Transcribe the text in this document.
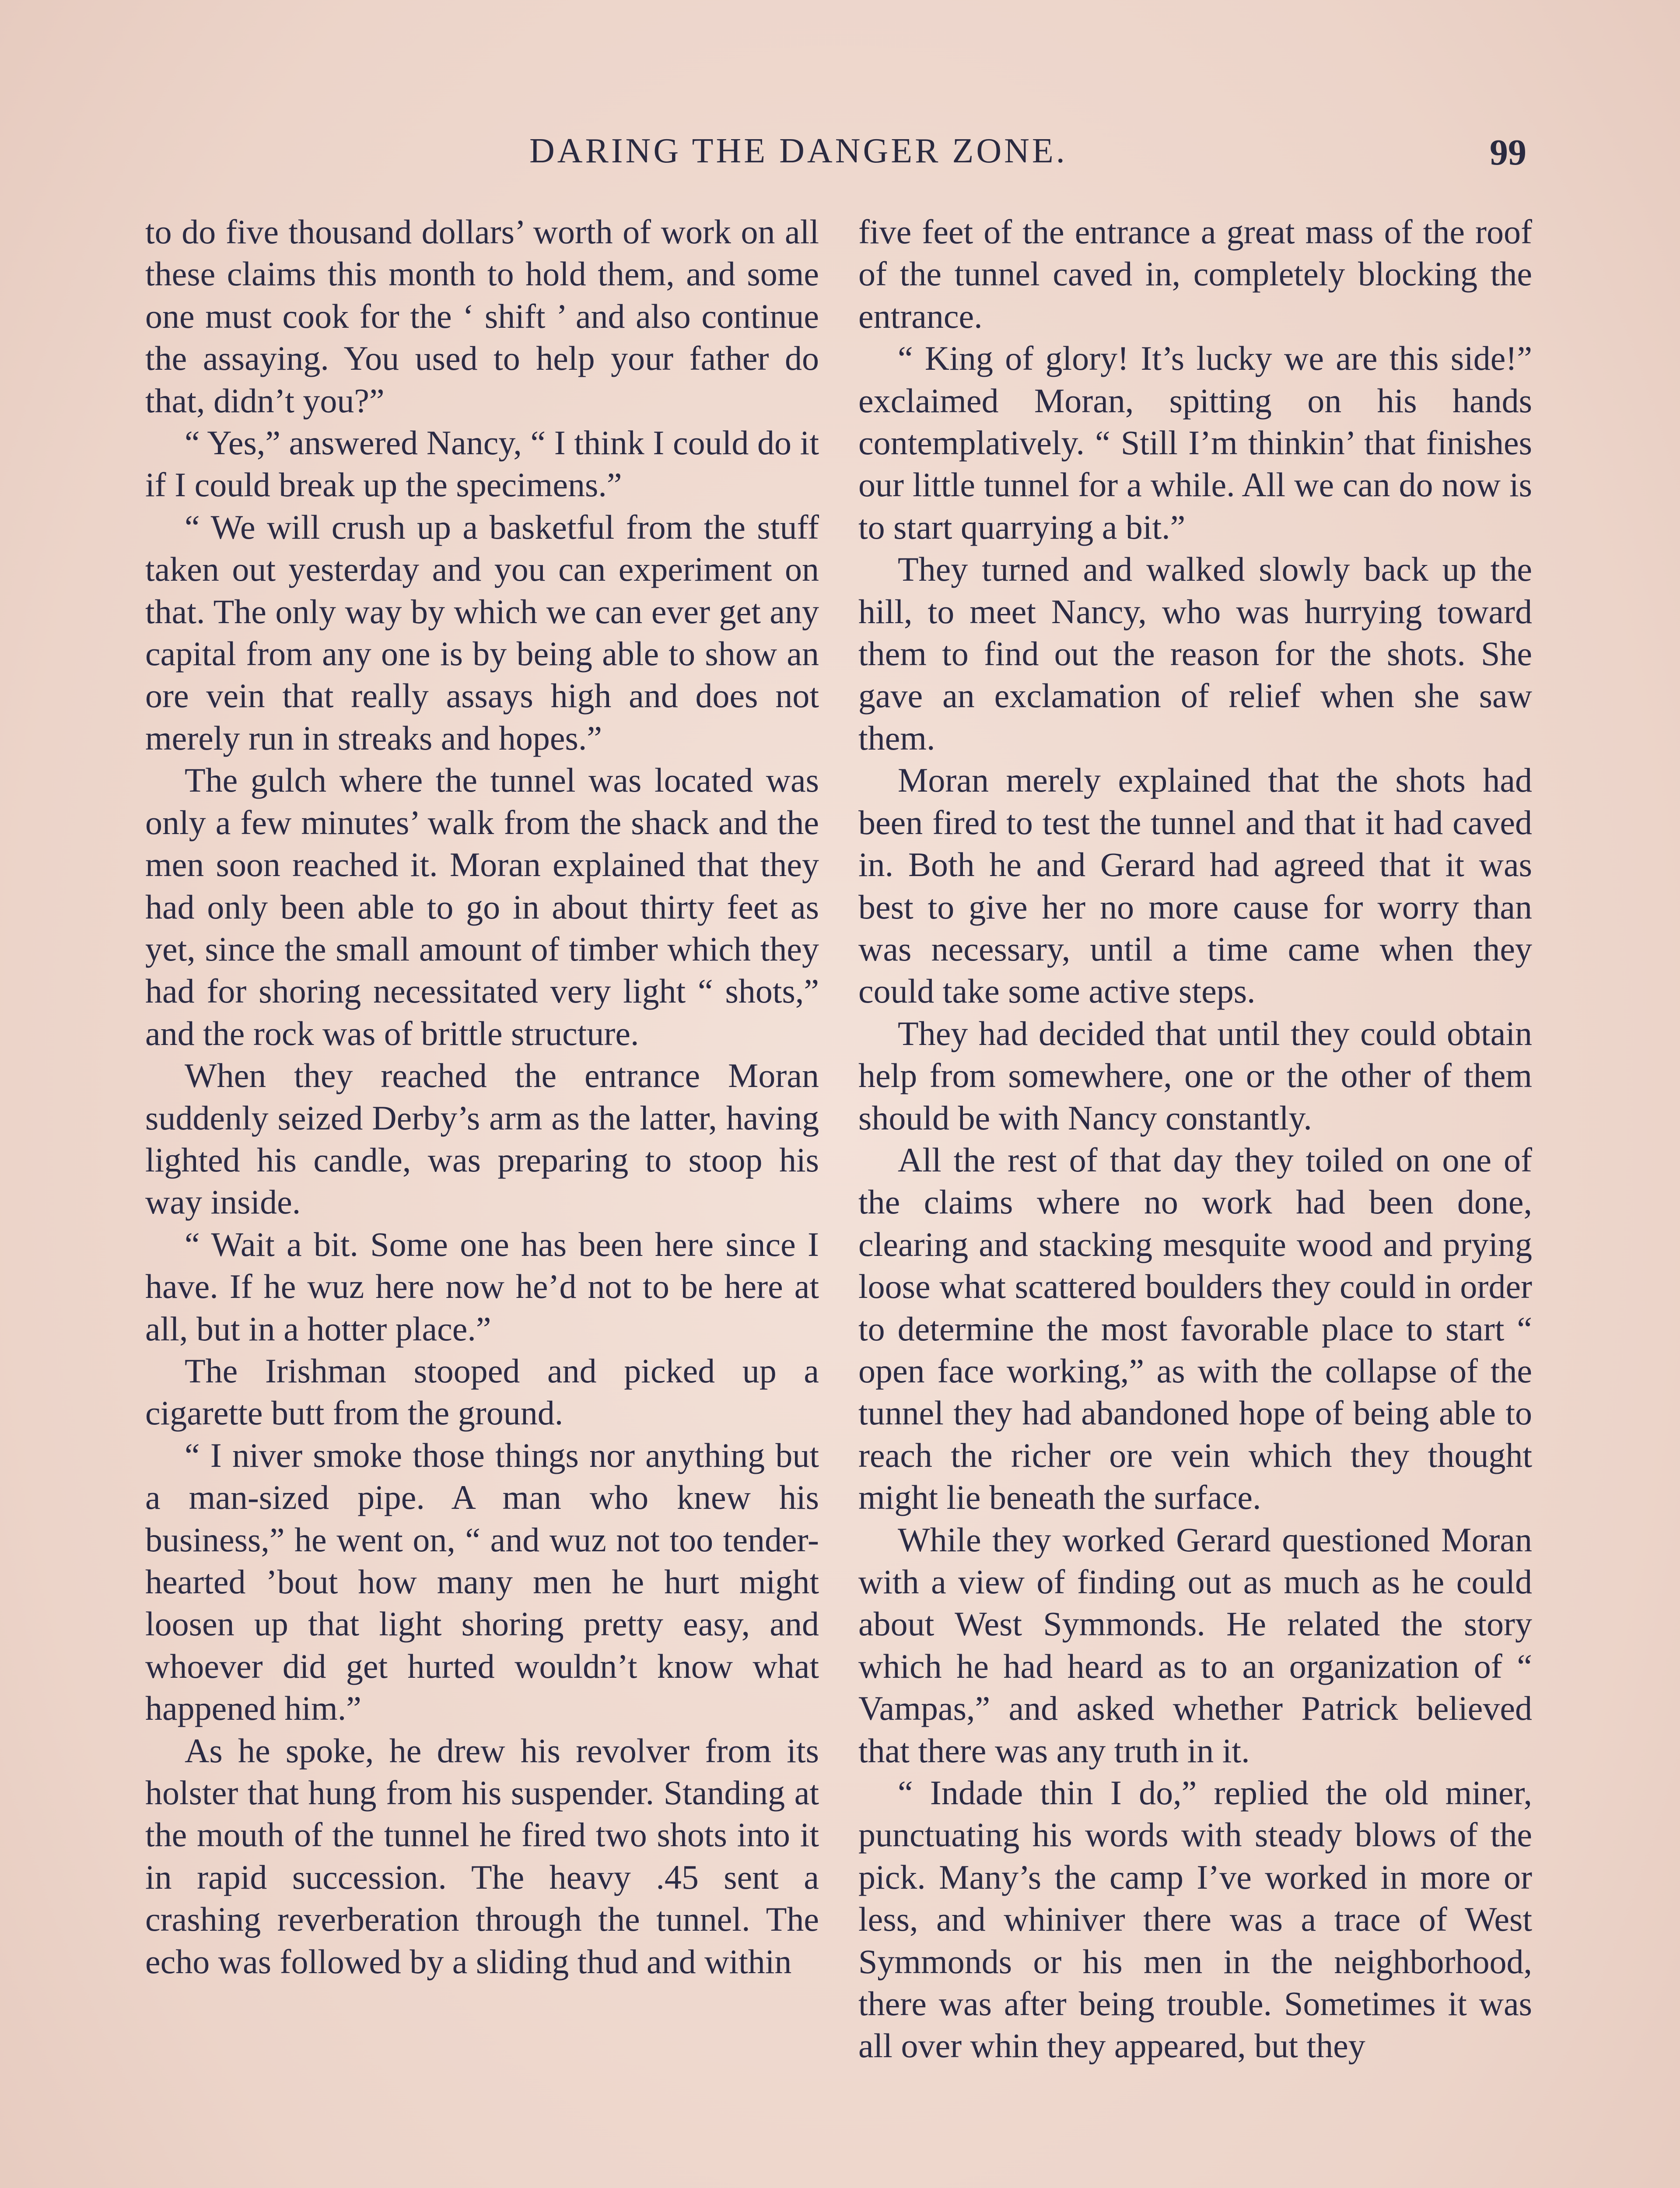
DARING THE DANGER ZONE.	99

to do five thousand dollars’ worth of work on all these claims this month to hold them, and some one must cook for the ‘ shift ’ and also continue the assaying. You used to help your father do that, didn’t you?”

“ Yes,” answered Nancy, “ I think I could do it if I could break up the specimens.”

“ We will crush up a basketful from the stuff taken out yesterday and you can experiment on that. The only way by which we can ever get any capital from any one is by being able to show an ore vein that really assays high and does not merely run in streaks and hopes.”

The gulch where the tunnel was located was only a few minutes’ walk from the shack and the men soon reached it. Moran explained that they had only been able to go in about thirty feet as yet, since the small amount of timber which they had for shoring necessitated very light “ shots,” and the rock was of brittle structure.

When they reached the entrance Moran suddenly seized Derby’s arm as the latter, having lighted his candle, was preparing to stoop his way inside.

“ Wait a bit. Some one has been here since I have. If he wuz here now he’d not to be here at all, but in a hotter place.”

The Irishman stooped and picked up a cigarette butt from the ground.

“ I niver smoke those things nor anything but a man-sized pipe. A man who knew his business,” he went on, “ and wuz not too tender-hearted ’bout how many men he hurt might loosen up that light shoring pretty easy, and whoever did get hurted wouldn’t know what happened him.”

As he spoke, he drew his revolver from its holster that hung from his suspender. Standing at the mouth of the tunnel he fired two shots into it in rapid succession. The heavy .45 sent a crashing reverberation through the tunnel. The echo was followed by a sliding thud and within

five feet of the entrance a great mass of the roof of the tunnel caved in, completely blocking the entrance.

“ King of glory! It’s lucky we are this side!” exclaimed Moran, spitting on his hands contemplatively. “ Still I’m thinkin’ that finishes our little tunnel for a while. All we can do now is to start quarrying a bit.”

They turned and walked slowly back up the hill, to meet Nancy, who was hurrying toward them to find out the reason for the shots. She gave an exclamation of relief when she saw them.

Moran merely explained that the shots had been fired to test the tunnel and that it had caved in. Both he and Gerard had agreed that it was best to give her no more cause for worry than was necessary, until a time came when they could take some active steps.

They had decided that until they could obtain help from somewhere, one or the other of them should be with Nancy constantly.

All the rest of that day they toiled on one of the claims where no work had been done, clearing and stacking mesquite wood and prying loose what scattered boulders they could in order to determine the most favorable place to start “ open face working,” as with the collapse of the tunnel they had abandoned hope of being able to reach the richer ore vein which they thought might lie beneath the surface.

While they worked Gerard questioned Moran with a view of finding out as much as he could about West Symmonds. He related the story which he had heard as to an organization of “ Vampas,” and asked whether Patrick believed that there was any truth in it.

“ Indade thin I do,” replied the old miner, punctuating his words with steady blows of the pick. Many’s the camp I’ve worked in more or less, and whiniver there was a trace of West Symmonds or his men in the neighborhood, there was after being trouble. Sometimes it was all over whin they appeared, but they
